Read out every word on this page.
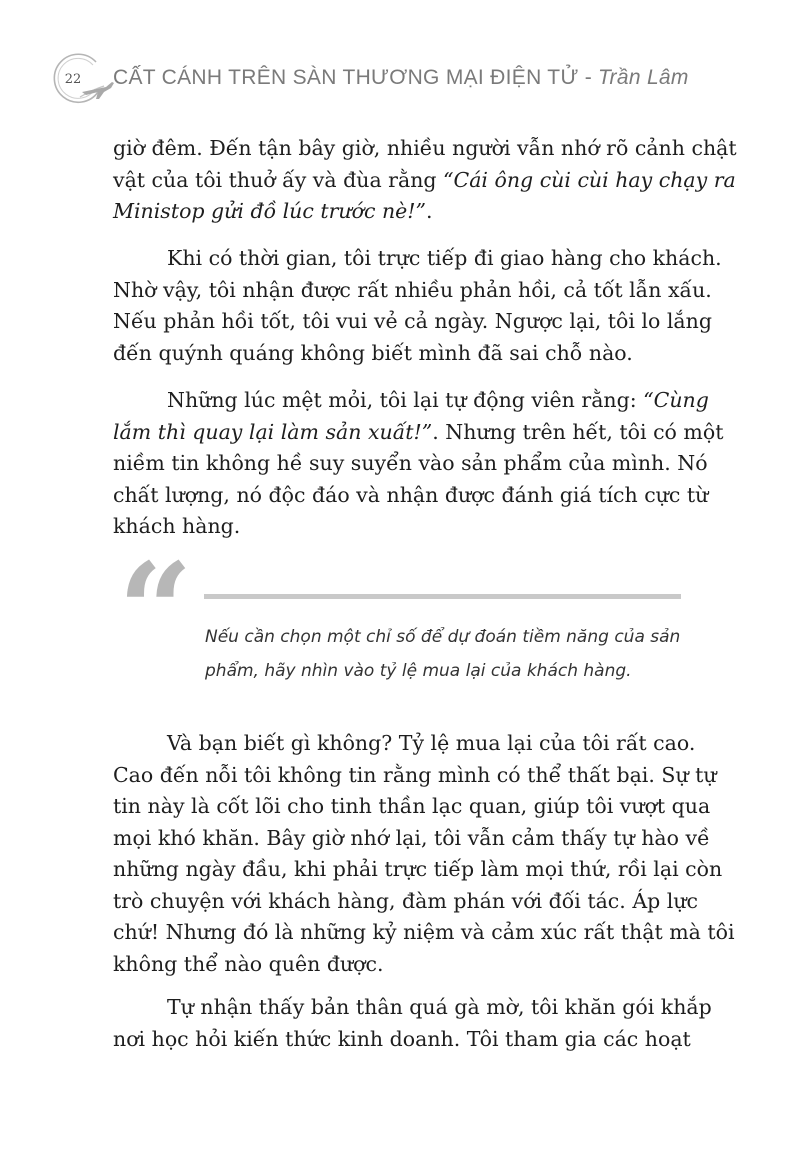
22 CẤT CÁNH TRÊN SÀN THƯƠNG MẠI ĐIỆN TỬ - Trần Lâm

giờ đêm. Đến tận bây giờ, nhiều người vẫn nhớ rõ cảnh chật
vật của tôi thuở ấy và đùa rằng “Cái ông cùi cùi hay chạy ra
Ministop gửi đồ lúc trước nè!”.

Khi có thời gian, tôi trực tiếp đi giao hàng cho khách.
Nhờ vậy, tôi nhận được rất nhiều phản hồi, cả tốt lẫn xấu.
Nếu phản hồi tốt, tôi vui vẻ cả ngày. Ngược lại, tôi lo lắng
đến quýnh quáng không biết mình đã sai chỗ nào.

Những lúc mệt mỏi, tôi lại tự động viên rằng: “Cùng
lắm thì quay lại làm sản xuất!”. Nhưng trên hết, tôi có một
niềm tin không hề suy suyển vào sản phẩm của mình. Nó
chất lượng, nó độc đáo và nhận được đánh giá tích cực từ
khách hàng.

“ Nếu cần chọn một chỉ số để dự đoán tiềm năng của sản
phẩm, hãy nhìn vào tỷ lệ mua lại của khách hàng.

Và bạn biết gì không? Tỷ lệ mua lại của tôi rất cao.
Cao đến nỗi tôi không tin rằng mình có thể thất bại. Sự tự
tin này là cốt lõi cho tinh thần lạc quan, giúp tôi vượt qua
mọi khó khăn. Bây giờ nhớ lại, tôi vẫn cảm thấy tự hào về
những ngày đầu, khi phải trực tiếp làm mọi thứ, rồi lại còn
trò chuyện với khách hàng, đàm phán với đối tác. Áp lực
chứ! Nhưng đó là những kỷ niệm và cảm xúc rất thật mà tôi
không thể nào quên được.

Tự nhận thấy bản thân quá gà mờ, tôi khăn gói khắp
nơi học hỏi kiến thức kinh doanh. Tôi tham gia các hoạt
